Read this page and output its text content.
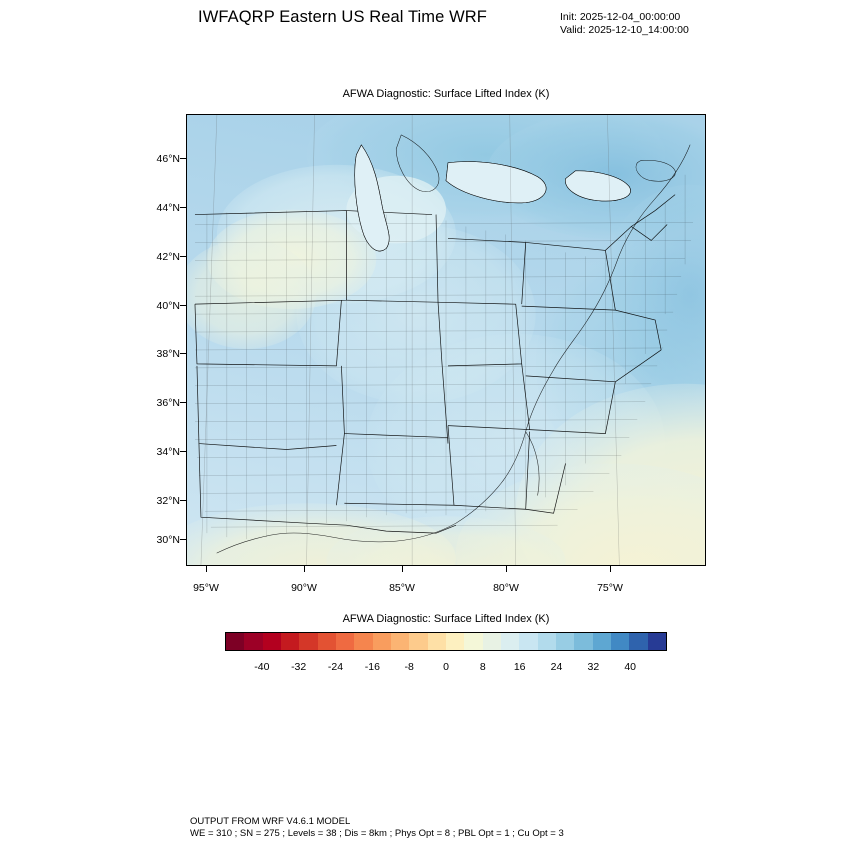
IWFAQRP Eastern US Real Time WRF	Init: 2025-12-04_00:00:00
Valid: 2025-12-10_14:00:00
AFWA Diagnostic: Surface Lifted Index (K)
46°N
44°N
42°N
40°N
38°N
36°N
34°N
32°N
30°N
95°W	90°W	85°W	80°W	75°W
AFWA Diagnostic: Surface Lifted Index (K)
-40	-32	-24	-16	-8	0	8	16	24	32	40
OUTPUT FROM WRF V4.6.1 MODEL
WE = 310 ; SN = 275 ; Levels = 38 ; Dis = 8km ; Phys Opt = 8 ; PBL Opt = 1 ; Cu Opt = 3
